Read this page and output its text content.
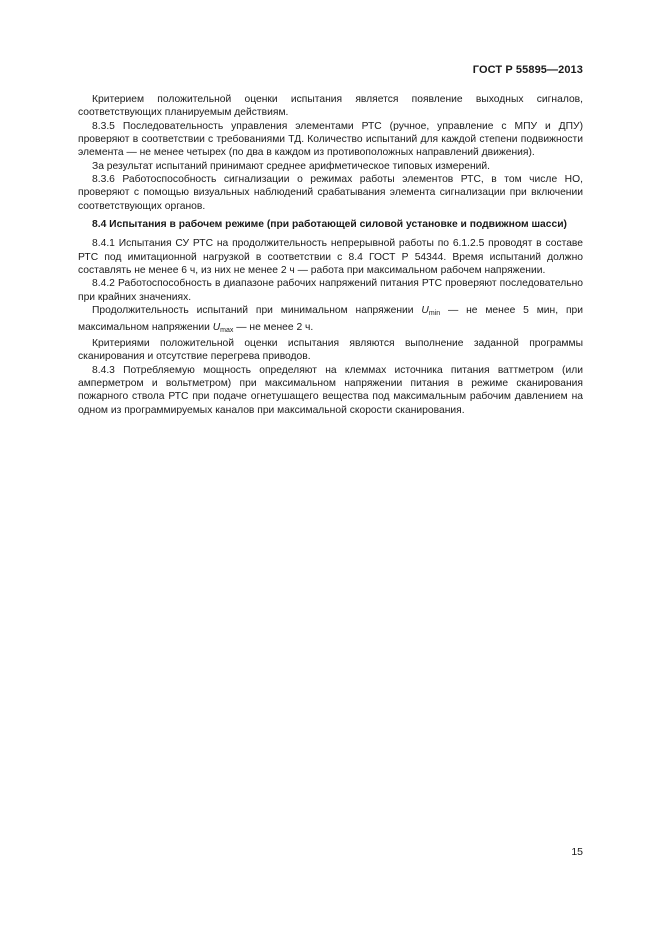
ГОСТ Р 55895—2013

Критерием положительной оценки испытания является появление выходных сигналов, соответствующих планируемым действиям.

8.3.5 Последовательность управления элементами РТС (ручное, управление с МПУ и ДПУ) проверяют в соответствии с требованиями ТД. Количество испытаний для каждой степени подвижности элемента — не менее четырех (по два в каждом из противоположных направлений движения).

За результат испытаний принимают среднее арифметическое типовых измерений.

8.3.6 Работоспособность сигнализации о режимах работы элементов РТС, в том числе НО, проверяют с помощью визуальных наблюдений срабатывания элемента сигнализации при включении соответствующих органов.

8.4 Испытания в рабочем режиме (при работающей силовой установке и подвижном шасси)

8.4.1 Испытания СУ РТС на продолжительность непрерывной работы по 6.1.2.5 проводят в составе РТС под имитационной нагрузкой в соответствии с 8.4 ГОСТ Р 54344. Время испытаний должно составлять не менее 6 ч, из них не менее 2 ч — работа при максимальном рабочем напряжении.

8.4.2 Работоспособность в диапазоне рабочих напряжений питания РТС проверяют последовательно при крайних значениях.

Продолжительность испытаний при минимальном напряжении $U_{min}$ — не менее 5 мин, при максимальном напряжении $U_{max}$ — не менее 2 ч.

Критериями положительной оценки испытания являются выполнение заданной программы сканирования и отсутствие перегрева приводов.

8.4.3 Потребляемую мощность определяют на клеммах источника питания ваттметром (или амперметром и вольтметром) при максимальном напряжении питания в режиме сканирования пожарного ствола РТС при подаче огнетушащего вещества под максимальным рабочим давлением на одном из программируемых каналов при максимальной скорости сканирования.

15
